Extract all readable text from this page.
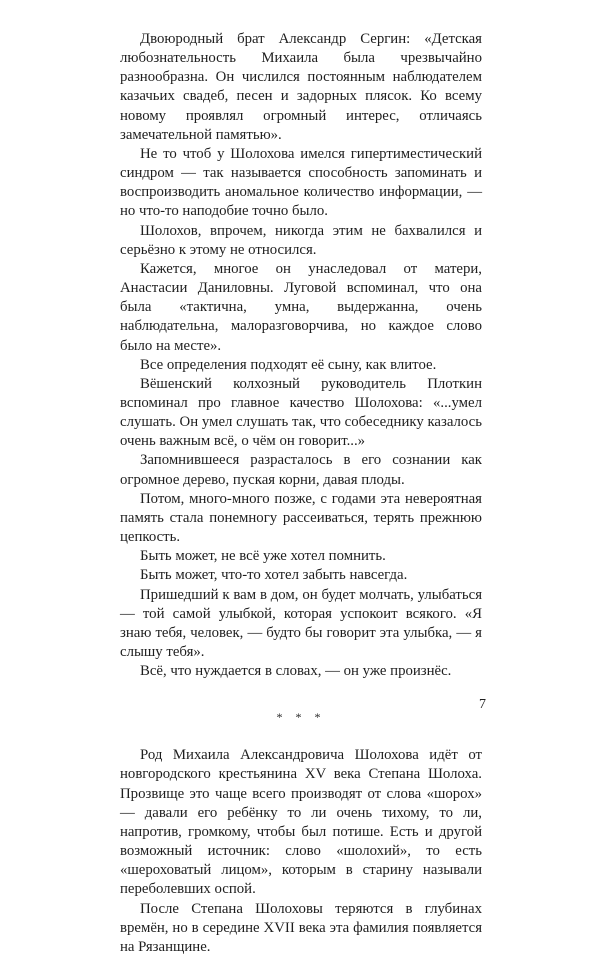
Двоюродный брат Александр Сергин: «Детская любознательность Михаила была чрезвычайно разнообразна. Он числился постоянным наблюдателем казачьих свадеб, песен и задорных плясок. Ко всему новому проявлял огромный интерес, отличаясь замечательной памятью».

Не то чтоб у Шолохова имелся гипертиместический синдром — так называется способность запоминать и воспроизводить аномальное количество информации, — но что-то наподобие точно было.

Шолохов, впрочем, никогда этим не бахвалился и серьёзно к этому не относился.

Кажется, многое он унаследовал от матери, Анастасии Даниловны. Луговой вспоминал, что она была «тактична, умна, выдержанна, очень наблюдательна, малоразговорчива, но каждое слово было на месте».

Все определения подходят её сыну, как влитое.

Вёшенский колхозный руководитель Плоткин вспоминал про главное качество Шолохова: «...умел слушать. Он умел слушать так, что собеседнику казалось очень важным всё, о чём он говорит...»

Запомнившееся разрасталось в его сознании как огромное дерево, пуская корни, давая плоды.

Потом, много-много позже, с годами эта невероятная память стала понемногу рассеиваться, терять прежнюю цепкость.

Быть может, не всё уже хотел помнить.

Быть может, что-то хотел забыть навсегда.

Пришедший к вам в дом, он будет молчать, улыбаться — той самой улыбкой, которая успокоит всякого. «Я знаю тебя, человек, — будто бы говорит эта улыбка, — я слышу тебя».

Всё, что нуждается в словах, — он уже произнёс.

* * *

Род Михаила Александровича Шолохова идёт от новгородского крестьянина XV века Степана Шолоха. Прозвище это чаще всего производят от слова «шорох» — давали его ребёнку то ли очень тихому, то ли, напротив, громкому, чтобы был потише. Есть и другой возможный источник: слово «шолохий», то есть «шероховатый лицом», которым в старину называли переболевших оспой.

После Степана Шолоховы теряются в глубинах времён, но в середине XVII века эта фамилия появляется на Рязанщине.

7
